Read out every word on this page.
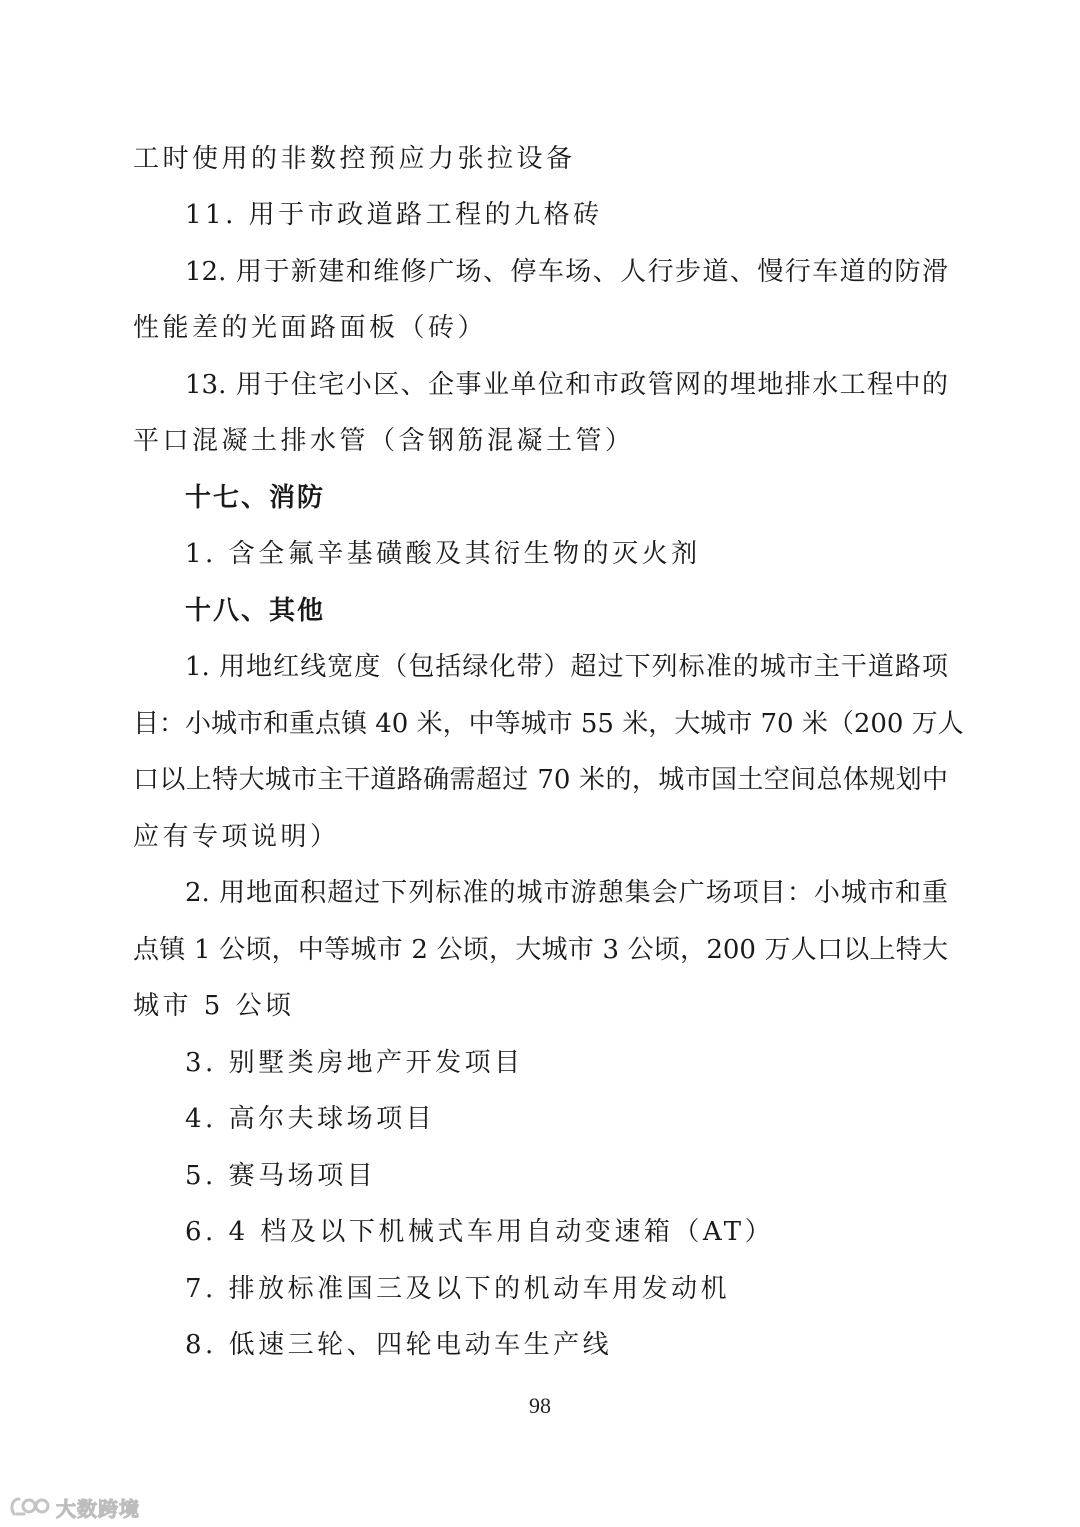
工时使用的非数控预应力张拉设备
11. 用于市政道路工程的九格砖
12. 用于新建和维修广场、停车场、人行步道、慢行车道的防滑
性能差的光面路面板（砖）
13. 用于住宅小区、企事业单位和市政管网的埋地排水工程中的
平口混凝土排水管（含钢筋混凝土管）
十七、消防
1. 含全氟辛基磺酸及其衍生物的灭火剂
十八、其他
1. 用地红线宽度（包括绿化带）超过下列标准的城市主干道路项
目：小城市和重点镇 40 米，中等城市 55 米，大城市 70 米（200 万人
口以上特大城市主干道路确需超过 70 米的，城市国土空间总体规划中
应有专项说明）
2. 用地面积超过下列标准的城市游憩集会广场项目：小城市和重
点镇 1 公顷，中等城市 2 公顷，大城市 3 公顷，200 万人口以上特大
城市 5 公顷
3. 别墅类房地产开发项目
4. 高尔夫球场项目
5. 赛马场项目
6. 4 档及以下机械式车用自动变速箱（AT）
7. 排放标准国三及以下的机动车用发动机
8. 低速三轮、四轮电动车生产线
98
大数跨境
